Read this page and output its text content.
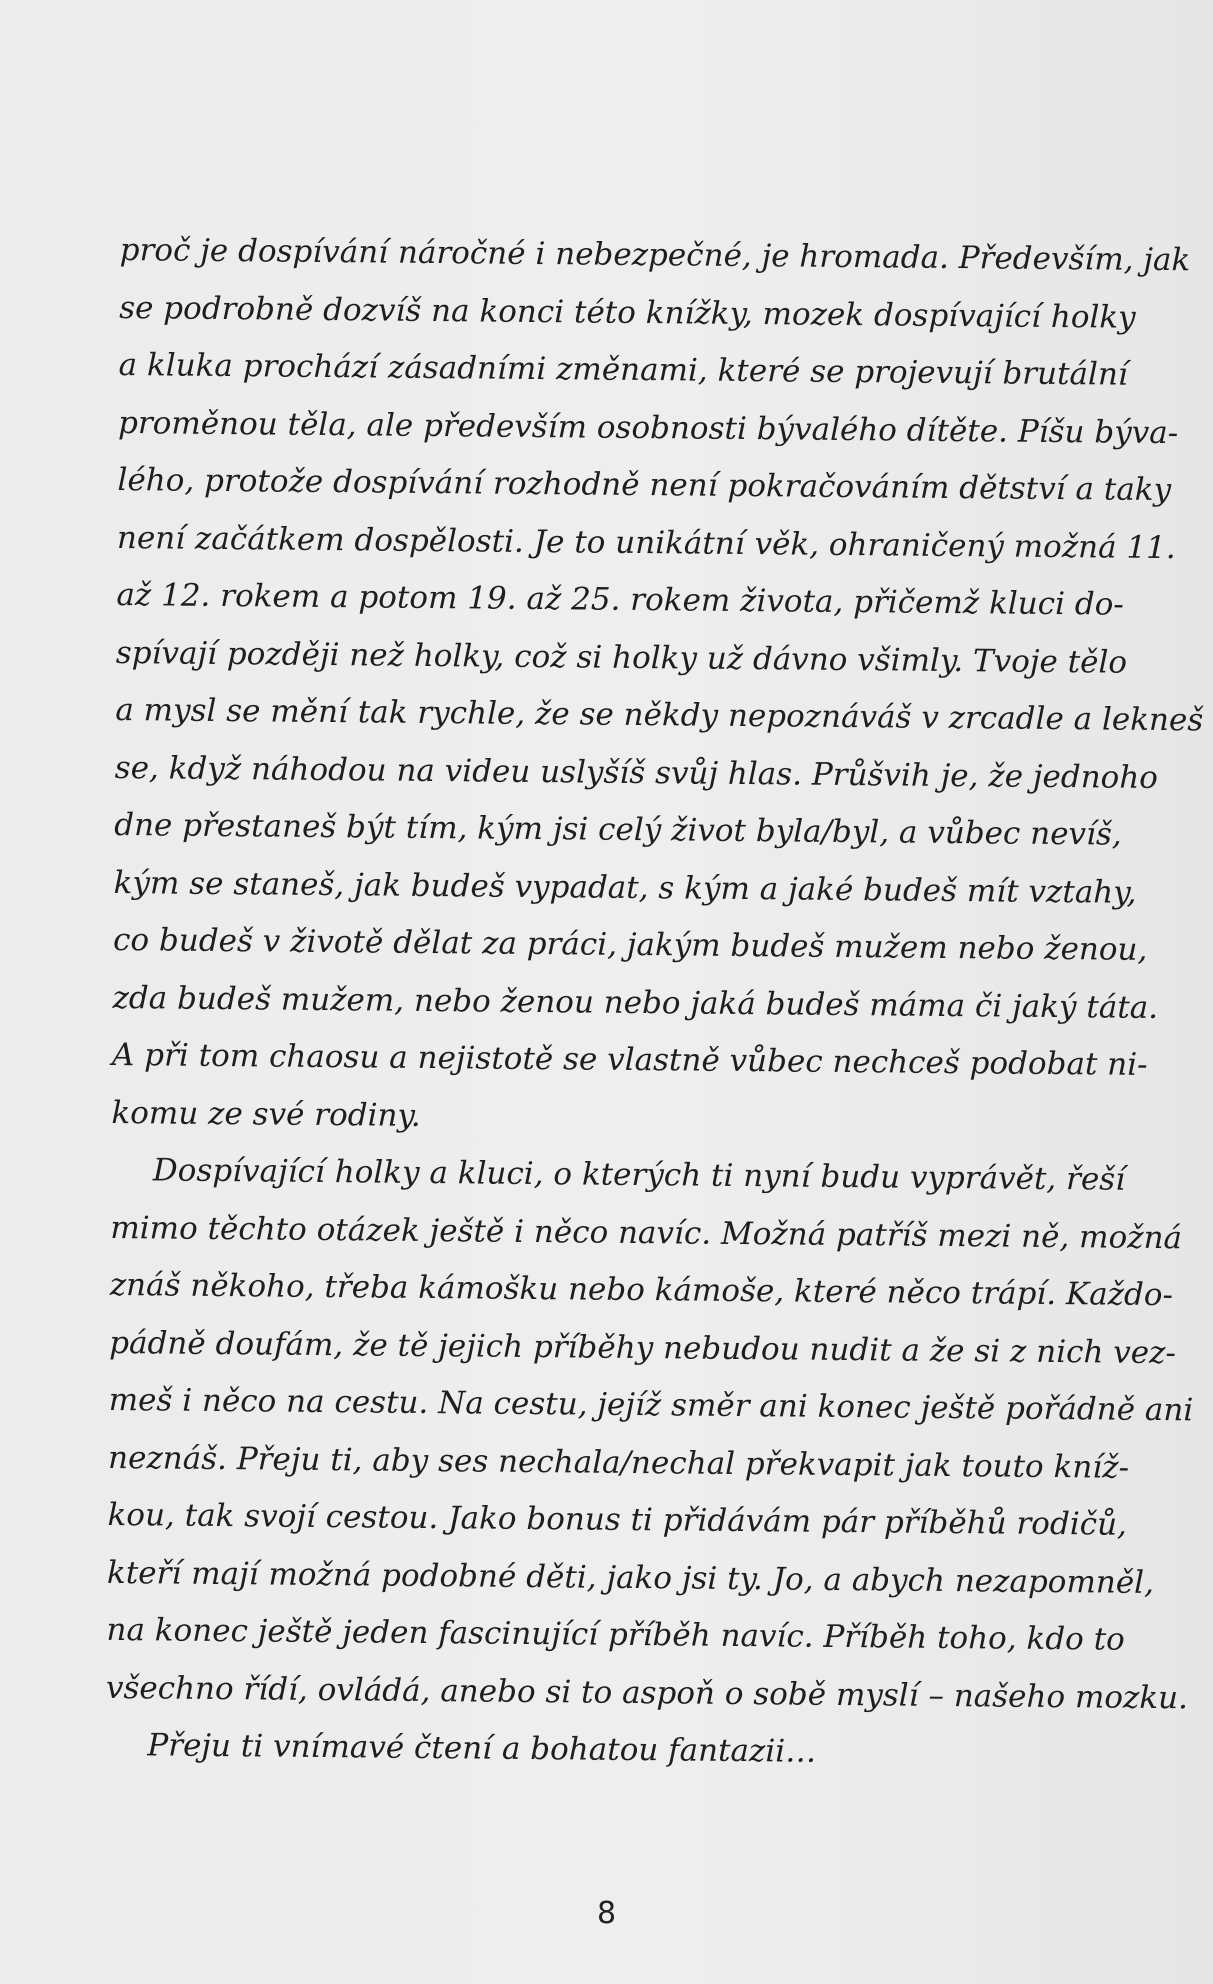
proč je dospívání náročné i nebezpečné, je hromada. Především, jak
se podrobně dozvíš na konci této knížky, mozek dospívající holky
a kluka prochází zásadními změnami, které se projevují brutální
proměnou těla, ale především osobnosti bývalého dítěte. Píšu býva-
lého, protože dospívání rozhodně není pokračováním dětství a taky
není začátkem dospělosti. Je to unikátní věk, ohraničený možná 11.
až 12. rokem a potom 19. až 25. rokem života, přičemž kluci do-
spívají později než holky, což si holky už dávno všimly. Tvoje tělo
a mysl se mění tak rychle, že se někdy nepoznáváš v zrcadle a lekneš
se, když náhodou na videu uslyšíš svůj hlas. Průšvih je, že jednoho
dne přestaneš být tím, kým jsi celý život byla/byl, a vůbec nevíš,
kým se staneš, jak budeš vypadat, s kým a jaké budeš mít vztahy,
co budeš v životě dělat za práci, jakým budeš mužem nebo ženou,
zda budeš mužem, nebo ženou nebo jaká budeš máma či jaký táta.
A při tom chaosu a nejistotě se vlastně vůbec nechceš podobat ni-
komu ze své rodiny.
Dospívající holky a kluci, o kterých ti nyní budu vyprávět, řeší
mimo těchto otázek ještě i něco navíc. Možná patříš mezi ně, možná
znáš někoho, třeba kámošku nebo kámoše, které něco trápí. Každo-
pádně doufám, že tě jejich příběhy nebudou nudit a že si z nich vez-
meš i něco na cestu. Na cestu, jejíž směr ani konec ještě pořádně ani
neznáš. Přeju ti, aby ses nechala/nechal překvapit jak touto kníž-
kou, tak svojí cestou. Jako bonus ti přidávám pár příběhů rodičů,
kteří mají možná podobné děti, jako jsi ty. Jo, a abych nezapomněl,
na konec ještě jeden fascinující příběh navíc. Příběh toho, kdo to
všechno řídí, ovládá, anebo si to aspoň o sobě myslí – našeho mozku.
Přeju ti vnímavé čtení a bohatou fantazii…
8
